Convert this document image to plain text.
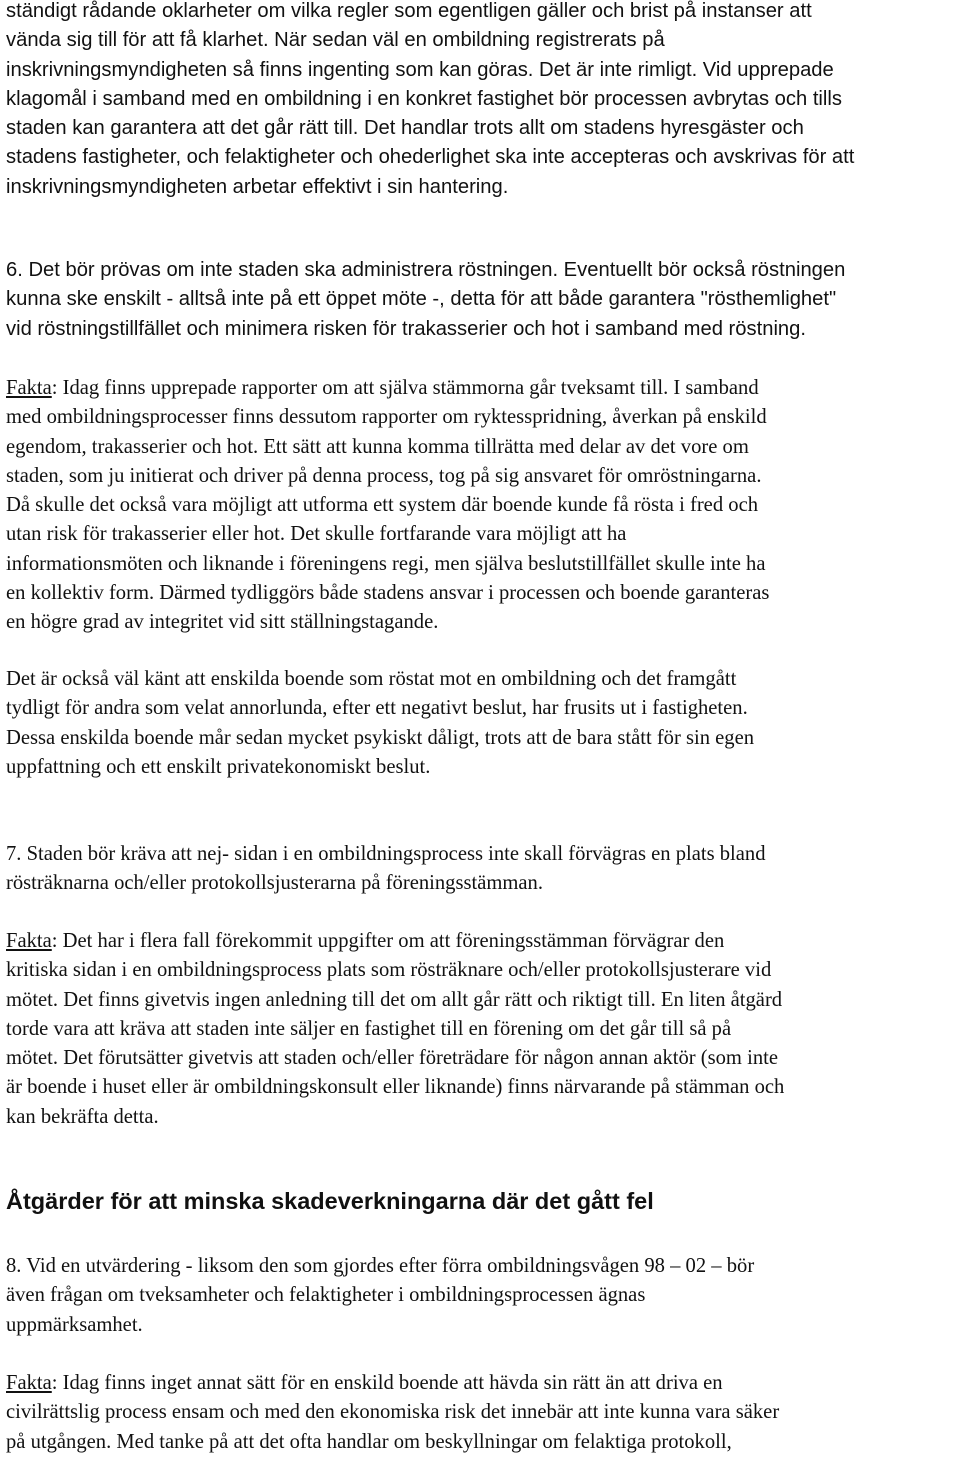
ständigt rådande oklarheter om vilka regler som egentligen gäller och brist på instanser att
vända sig till för att få klarhet. När sedan väl en ombildning registrerats på
inskrivningsmyndigheten så finns ingenting som kan göras. Det är inte rimligt. Vid upprepade
klagomål i samband med en ombildning i en konkret fastighet bör processen avbrytas och tills
staden kan garantera att det går rätt till. Det handlar trots allt om stadens hyresgäster och
stadens fastigheter, och felaktigheter och ohederlighet ska inte accepteras och avskrivas för att
inskrivningsmyndigheten arbetar effektivt i sin hantering.
6. Det bör prövas om inte staden ska administrera röstningen. Eventuellt bör också röstningen
kunna ske enskilt - alltså inte på ett öppet möte -, detta för att både garantera "rösthemlighet"
vid röstningstillfället och minimera risken för trakasserier och hot i samband med röstning.
Fakta: Idag finns upprepade rapporter om att själva stämmorna går tveksamt till. I samband
med ombildningsprocesser finns dessutom rapporter om ryktesspridning, åverkan på enskild
egendom, trakasserier och hot. Ett sätt att kunna komma tillrätta med delar av det vore om
staden, som ju initierat och driver på denna process, tog på sig ansvaret för omröstningarna.
Då skulle det också vara möjligt att utforma ett system där boende kunde få rösta i fred och
utan risk för trakasserier eller hot. Det skulle fortfarande vara möjligt att ha
informationsmöten och liknande i föreningens regi, men själva beslutstillfället skulle inte ha
en kollektiv form. Därmed tydliggörs både stadens ansvar i processen och boende garanteras
en högre grad av integritet vid sitt ställningstagande.
Det är också väl känt att enskilda boende som röstat mot en ombildning och det framgått
tydligt för andra som velat annorlunda, efter ett negativt beslut, har frusits ut i fastigheten.
Dessa enskilda boende mår sedan mycket psykiskt dåligt, trots att de bara stått för sin egen
uppfattning och ett enskilt privatekonomiskt beslut.
7. Staden bör kräva att nej- sidan i en ombildningsprocess inte skall förvägras en plats bland
rösträknarna och/eller protokollsjusterarna på föreningsstämman.
Fakta: Det har i flera fall förekommit uppgifter om att föreningsstämman förvägrar den
kritiska sidan i en ombildningsprocess plats som rösträknare och/eller protokollsjusterare vid
mötet. Det finns givetvis ingen anledning till det om allt går rätt och riktigt till. En liten åtgärd
torde vara att kräva att staden inte säljer en fastighet till en förening om det går till så på
mötet. Det förutsätter givetvis att staden och/eller företrädare för någon annan aktör (som inte
är boende i huset eller är ombildningskonsult eller liknande) finns närvarande på stämman och
kan bekräfta detta.
Åtgärder för att minska skadeverkningarna där det gått fel
8. Vid en utvärdering - liksom den som gjordes efter förra ombildningsvågen 98 – 02 – bör
även frågan om tveksamheter och felaktigheter i ombildningsprocessen ägnas
uppmärksamhet.
Fakta: Idag finns inget annat sätt för en enskild boende att hävda sin rätt än att driva en
civilrättslig process ensam och med den ekonomiska risk det innebär att inte kunna vara säker
på utgången. Med tanke på att det ofta handlar om beskyllningar om felaktiga protokoll,
